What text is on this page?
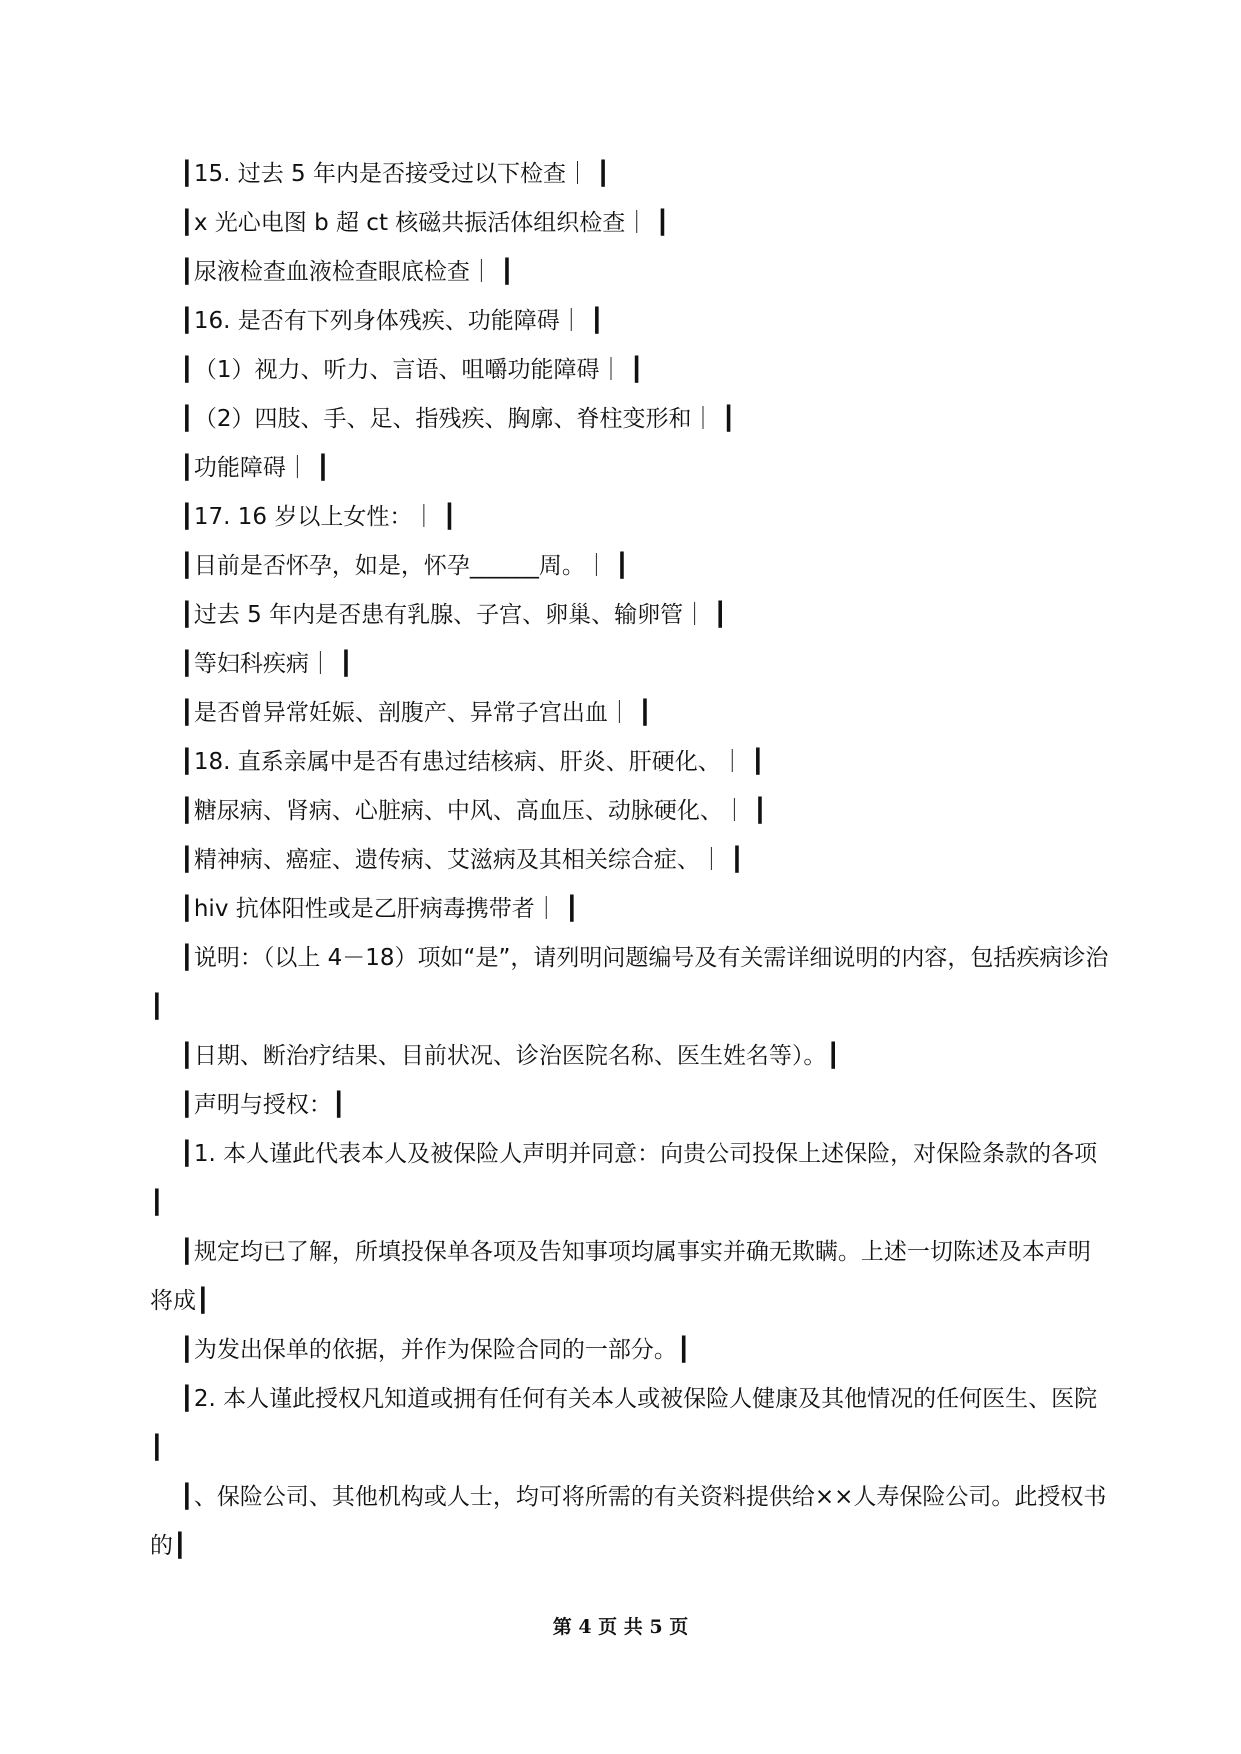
┃15. 过去 5 年内是否接受过以下检查｜ ┃

┃x 光心电图 b 超 ct 核磁共振活体组织检查｜ ┃

┃尿液检查血液检查眼底检查｜ ┃

┃16. 是否有下列身体残疾、功能障碍｜ ┃

┃（1）视力、听力、言语、咀嚼功能障碍｜ ┃

┃（2）四肢、手、足、指残疾、胸廓、脊柱变形和｜ ┃

┃功能障碍｜ ┃

┃17. 16 岁以上女性：｜ ┃

┃目前是否怀孕，如是，怀孕______周。｜ ┃

┃过去 5 年内是否患有乳腺、子宫、卵巢、输卵管｜ ┃

┃等妇科疾病｜ ┃

┃是否曾异常妊娠、剖腹产、异常子宫出血｜ ┃

┃18. 直系亲属中是否有患过结核病、肝炎、肝硬化、｜ ┃

┃糖尿病、肾病、心脏病、中风、高血压、动脉硬化、｜ ┃

┃精神病、癌症、遗传病、艾滋病及其相关综合症、｜ ┃

┃hiv 抗体阳性或是乙肝病毒携带者｜ ┃

┃说明：（以上 4－18）项如“是”，请列明问题编号及有关需详细说明的内容，包括疾病诊治┃

┃日期、断治疗结果、目前状况、诊治医院名称、医生姓名等）。┃

┃声明与授权：┃

┃1. 本人谨此代表本人及被保险人声明并同意：向贵公司投保上述保险，对保险条款的各项┃

┃规定均已了解，所填投保单各项及告知事项均属事实并确无欺瞒。上述一切陈述及本声明将成┃

┃为发出保单的依据，并作为保险合同的一部分。┃

┃2. 本人谨此授权凡知道或拥有任何有关本人或被保险人健康及其他情况的任何医生、医院┃

┃、保险公司、其他机构或人士，均可将所需的有关资料提供给××人寿保险公司。此授权书的┃

第 4 页 共 5 页
